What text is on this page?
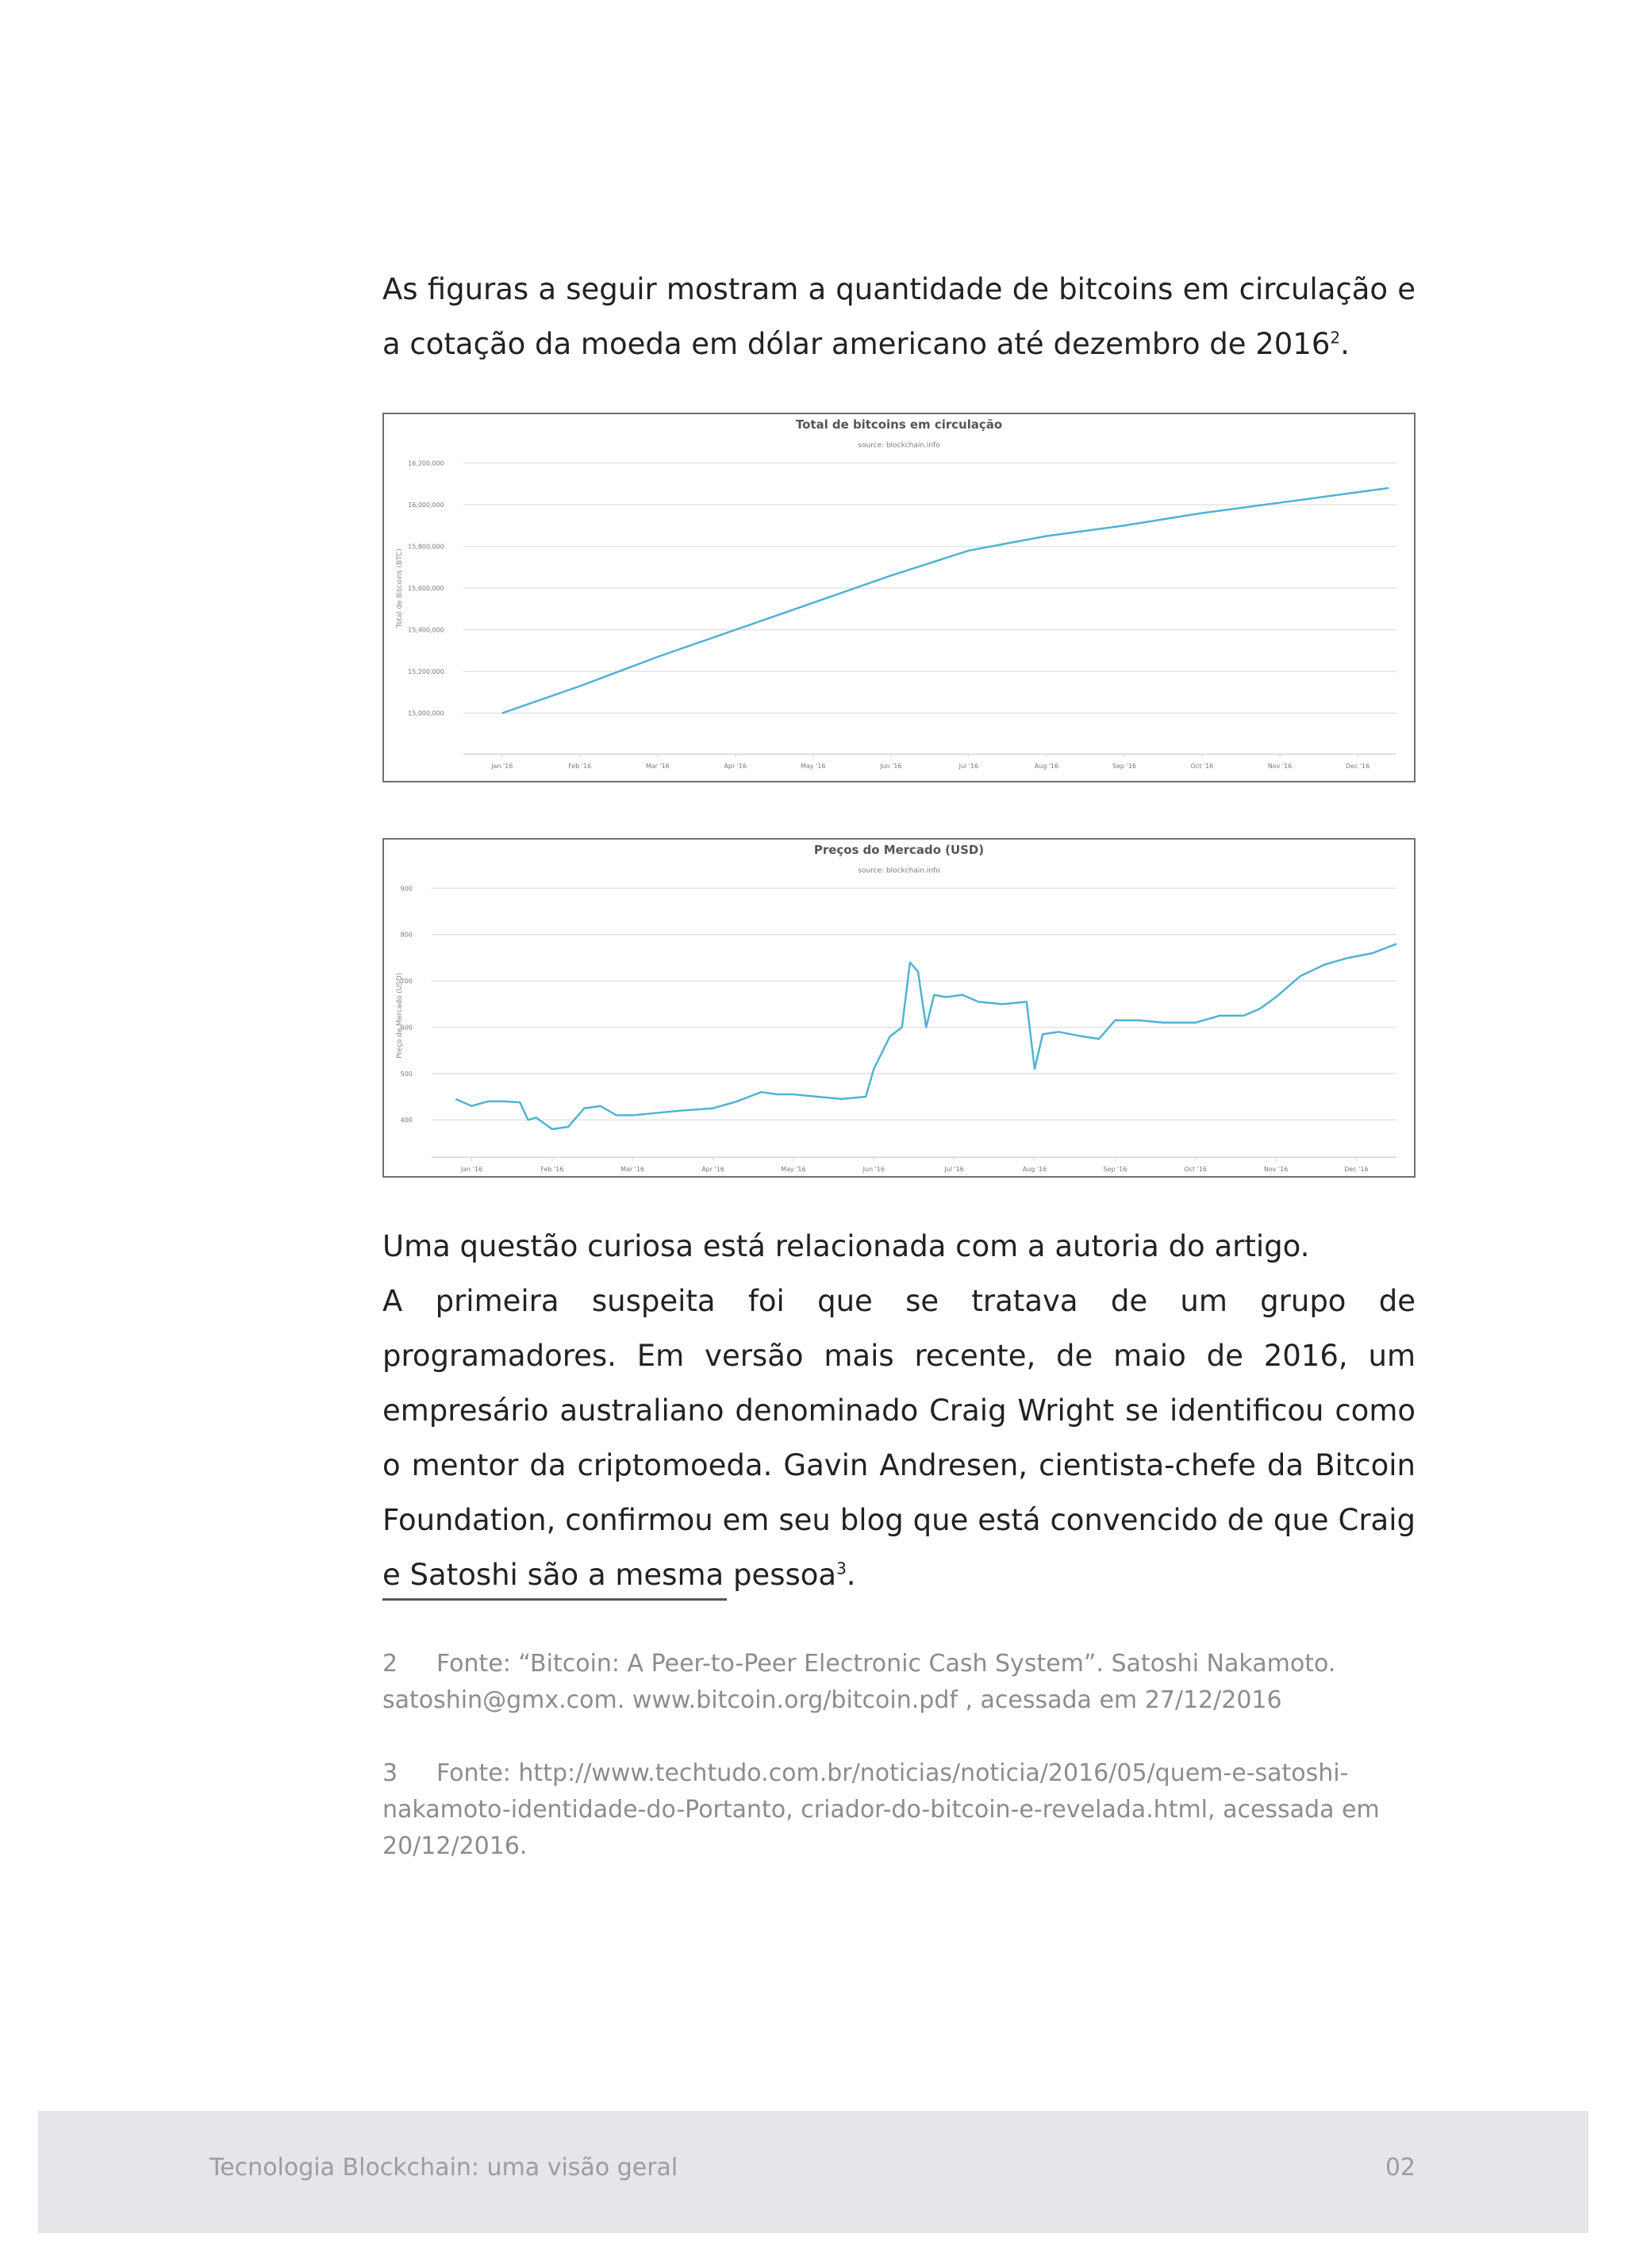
As figuras a seguir mostram a quantidade de bitcoins em circulação e a cotação da moeda em dólar americano até dezembro de 2016$^2$.

Total de bitcoins em circulação
source: blockchain.info
15,000,000
15,200,000
15,400,000
15,600,000
15,800,000
16,000,000
16,200,000
Jan '16	Feb '16	Mar '16	Apr '16	May '16	Jun '16	Jul '16	Aug '16	Sep '16	Oct '16	Nov '16	Dec '16
Total de Bitcoins (BTC)
Preços do Mercado (USD)
source: blockchain.info
400
500
600
700
800
900
Jan '16	Feb '16	Mar '16	Apr '16	May '16	Jun '16	Jul '16	Aug '16	Sep '16	Oct '16	Nov '16	Dec '16
Preço de Mercado (USD)

Uma questão curiosa está relacionada com a autoria do artigo.

A primeira suspeita foi que se tratava de um grupo de programadores. Em versão mais recente, de maio de 2016, um empresário australiano denominado Craig Wright se identificou como o mentor da criptomoeda. Gavin Andresen, cientista-chefe da Bitcoin Foundation, confirmou em seu blog que está convencido de que Craig e Satoshi são a mesma pessoa$^3$.

2 Fonte: “Bitcoin: A Peer-to-Peer Electronic Cash System”. Satoshi Nakamoto. satoshin@gmx.com. www.bitcoin.org/bitcoin.pdf , acessada em 27/12/2016

3 Fonte: http://www.techtudo.com.br/noticias/noticia/2016/05/quem-e-satoshi-nakamoto-identidade-do-Portanto, criador-do-bitcoin-e-revelada.html, acessada em 20/12/2016.

Tecnologia Blockchain: uma visão geral	02
